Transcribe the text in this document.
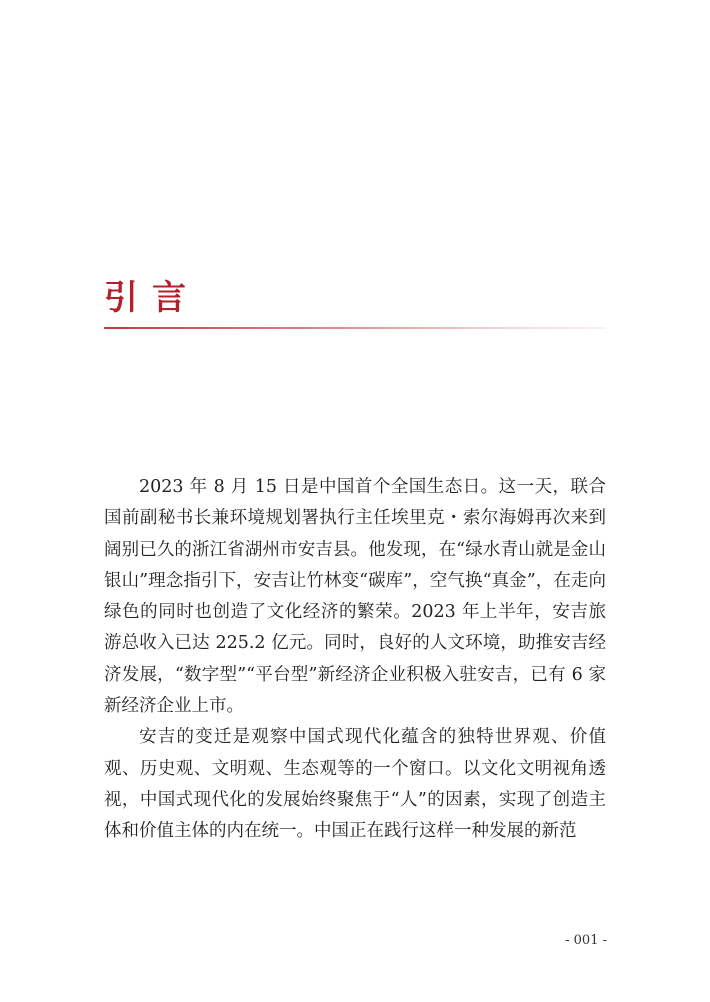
引言

2023 年 8 月 15 日是中国首个全国生态日。这一天，联合国前副秘书长兼环境规划署执行主任埃里克・索尔海姆再次来到阔别已久的浙江省湖州市安吉县。他发现，在“绿水青山就是金山银山”理念指引下，安吉让竹林变“碳库”，空气换“真金”，在走向绿色的同时也创造了文化经济的繁荣。2023 年上半年，安吉旅游总收入已达 225.2 亿元。同时，良好的人文环境，助推安吉经济发展，“数字型”“平台型”新经济企业积极入驻安吉，已有 6 家新经济企业上市。

安吉的变迁是观察中国式现代化蕴含的独特世界观、价值观、历史观、文明观、生态观等的一个窗口。以文化文明视角透视，中国式现代化的发展始终聚焦于“人”的因素，实现了创造主体和价值主体的内在统一。中国正在践行这样一种发展的新范

- 001 -
